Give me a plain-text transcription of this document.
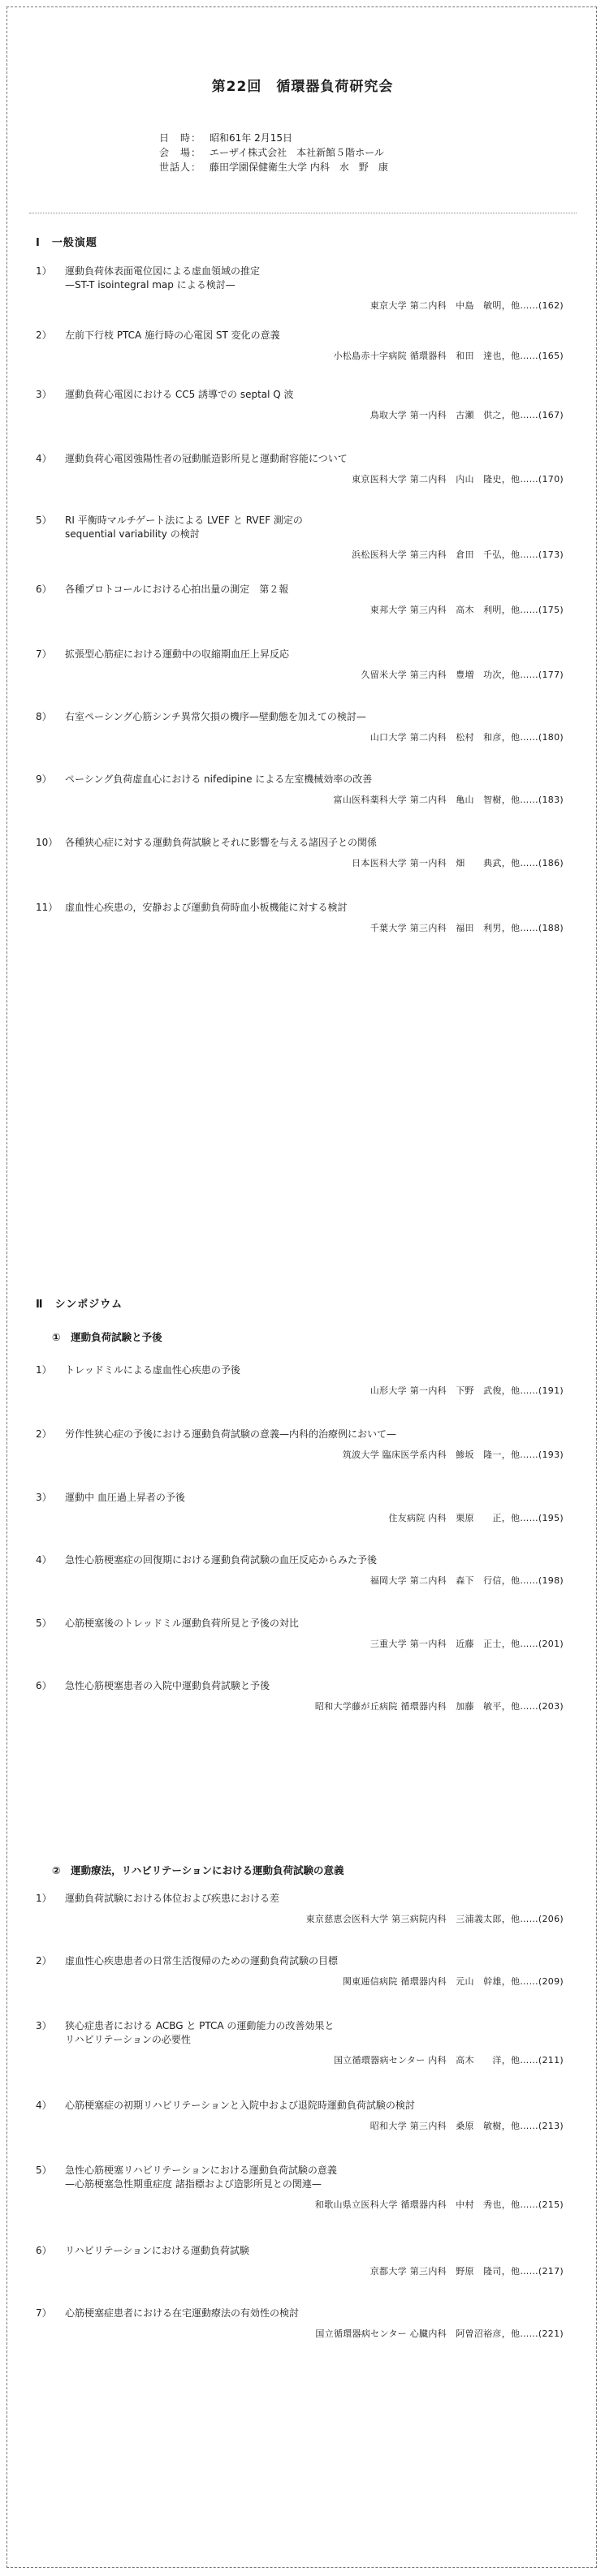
第22回　循環器負荷研究会
日　時： 昭和61年 2月15日
会　場： エーザイ株式会社　本社新館５階ホール
世話人： 藤田学園保健衛生大学 内科　水　野　康
Ⅰ　一般演題
1）	運動負荷体表面電位図による虚血領域の推定
—ST-T isointegral map による検討—
東京大学 第二内科　中島　敏明，他……(162)
2）	左前下行枝 PTCA 施行時の心電図 ST 変化の意義
小松島赤十字病院 循環器科　和田　達也，他……(165)
3）	運動負荷心電図における CC5 誘導での septal Q 波
鳥取大学 第一内科　古瀬　供之，他……(167)
4）	運動負荷心電図強陽性者の冠動脈造影所見と運動耐容能について
東京医科大学 第二内科　内山　隆史，他……(170)
5）	RI 平衡時マルチゲート法による LVEF と RVEF 測定の
sequential variability の検討
浜松医科大学 第三内科　倉田　千弘，他……(173)
6）	各種プロトコールにおける心拍出量の測定　第２報
東邦大学 第三内科　高木　利明，他……(175)
7）	拡張型心筋症における運動中の収縮期血圧上昇反応
久留米大学 第三内科　豊増　功次，他……(177)
8）	右室ペーシング心筋シンチ異常欠損の機序—壁動態を加えての検討—
山口大学 第二内科　松村　和彦，他……(180)
9）	ペーシング負荷虚血心における nifedipine による左室機械効率の改善
富山医科薬科大学 第二内科　亀山　智樹，他……(183)
10） 各種狭心症に対する運動負荷試験とそれに影響を与える諸因子との関係
日本医科大学 第一内科　畑　　典武，他……(186)
11） 虚血性心疾患の，安静および運動負荷時血小板機能に対する検討
千葉大学 第三内科　福田　利男，他……(188)
Ⅱ　シンポジウム
①　運動負荷試験と予後
1）	トレッドミルによる虚血性心疾患の予後
山形大学 第一内科　下野　武俊，他……(191)
2）	労作性狭心症の予後における運動負荷試験の意義—内科的治療例において—
筑波大学 臨床医学系内科　鯵坂　隆一，他……(193)
3）	運動中 血圧過上昇者の予後
住友病院 内科　栗原　　正，他……(195)
4）	急性心筋梗塞症の回復期における運動負荷試験の血圧反応からみた予後
福岡大学 第二内科　森下　行信，他……(198)
5）	心筋梗塞後のトレッドミル運動負荷所見と予後の対比
三重大学 第一内科　近藤　正士，他……(201)
6）	急性心筋梗塞患者の入院中運動負荷試験と予後
昭和大学藤が丘病院 循環器内科　加藤　敏平，他……(203)
②　運動療法，リハビリテーションにおける運動負荷試験の意義
1）	運動負荷試験における体位および疾患における差
東京慈恵会医科大学 第三病院内科　三浦義太郎，他……(206)
2）	虚血性心疾患患者の日常生活復帰のための運動負荷試験の目標
関東逓信病院 循環器内科　元山　幹雄，他……(209)
3）	狭心症患者における ACBG と PTCA の運動能力の改善効果と
リハビリテーションの必要性
国立循環器病センター 内科　高木　　洋，他……(211)
4）	心筋梗塞症の初期リハビリテーションと入院中および退院時運動負荷試験の検討
昭和大学 第三内科　桑原　敏樹，他……(213)
5）	急性心筋梗塞リハビリテーションにおける運動負荷試験の意義
—心筋梗塞急性期重症度 諸指標および造影所見との関連—
和歌山県立医科大学 循環器内科　中村　秀也，他……(215)
6）	リハビリテーションにおける運動負荷試験
京都大学 第三内科　野原　隆司，他……(217)
7）	心筋梗塞症患者における在宅運動療法の有効性の検討
国立循環器病センター 心臓内科　阿曽沼裕彦，他……(221)
